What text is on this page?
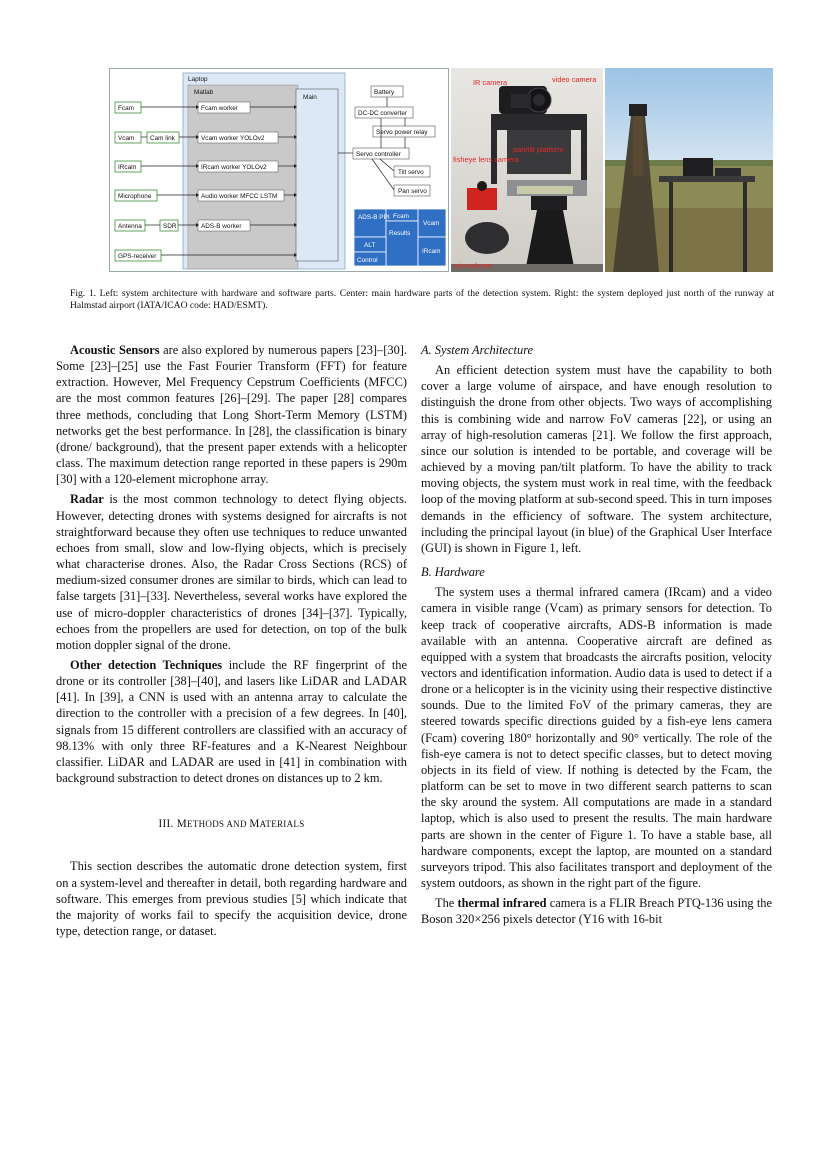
Laptop
Matlab
Main
Fcam
Vcam
IRcam
Microphone
Antenna
GPS-receiver
Cam link
SDR
Fcam worker
Vcam worker YOLOv2
IRcam worker YOLOv2
Audio worker MFCC LSTM
ADS-B worker
Battery
DC-DC converter
Servo power relay
Servo controller
Tilt servo
Pan servo
ADS-B PPI Fcam
Vcam
Results
ALT
Control
IRcam
IR camera	video camera
fisheye lens camera
pan/tilt platform
microphone
Fig. 1. Left: system architecture with hardware and software parts. Center: main hardware parts of the detection system. Right: the system deployed just north of the runway at Halmstad airport (IATA/ICAO code: HAD/ESMT).

Acoustic Sensors are also explored by numerous papers [23]–[30]. Some [23]–[25] use the Fast Fourier Transform (FFT) for feature extraction. However, Mel Frequency Cepstrum Coefficients (MFCC) are the most common features [26]–[29]. The paper [28] compares three methods, concluding that Long Short-Term Memory (LSTM) networks get the best performance. In [28], the classification is binary (drone/ background), that the present paper extends with a helicopter class. The maximum detection range reported in these papers is 290m [30] with a 120-element microphone array.

Radar is the most common technology to detect flying objects. However, detecting drones with systems designed for aircrafts is not straightforward because they often use techniques to reduce unwanted echoes from small, slow and low-flying objects, which is precisely what characterise drones. Also, the Radar Cross Sections (RCS) of medium-sized consumer drones are similar to birds, which can lead to false targets [31]–[33]. Nevertheless, several works have explored the use of micro-doppler characteristics of drones [34]–[37]. Typically, echoes from the propellers are used for detection, on top of the bulk motion doppler signal of the drone.

Other detection Techniques include the RF fingerprint of the drone or its controller [38]–[40], and lasers like LiDAR and LADAR [41]. In [39], a CNN is used with an antenna array to calculate the direction to the controller with a precision of a few degrees. In [40], signals from 15 different controllers are classified with an accuracy of 98.13% with only three RF-features and a K-Nearest Neighbour classifier. LiDAR and LADAR are used in [41] in combination with background substraction to detect drones on distances up to 2 km.

III. METHODS AND MATERIALS

This section describes the automatic drone detection system, first on a system-level and thereafter in detail, both regarding hardware and software. This emerges from previous studies [5] which indicate that the majority of works fail to specify the acquisition device, drone type, detection range, or dataset.

A. System Architecture

An efficient detection system must have the capability to both cover a large volume of airspace, and have enough resolution to distinguish the drone from other objects. Two ways of accomplishing this is combining wide and narrow FoV cameras [22], or using an array of high-resolution cameras [21]. We follow the first approach, since our solution is intended to be portable, and coverage will be achieved by a moving pan/tilt platform. To have the ability to track moving objects, the system must work in real time, with the feedback loop of the moving platform at sub-second speed. This in turn imposes demands in the efficiency of software. The system architecture, including the principal layout (in blue) of the Graphical User Interface (GUI) is shown in Figure 1, left.

B. Hardware

The system uses a thermal infrared camera (IRcam) and a video camera in visible range (Vcam) as primary sensors for detection. To keep track of cooperative aircrafts, ADS-B information is made available with an antenna. Cooperative aircraft are defined as equipped with a system that broadcasts the aircrafts position, velocity vectors and identification information. Audio data is used to detect if a drone or a helicopter is in the vicinity using their respective distinctive sounds. Due to the limited FoV of the primary cameras, they are steered towards specific directions guided by a fish-eye lens camera (Fcam) covering 180° horizontally and 90° vertically. The role of the fish-eye camera is not to detect specific classes, but to detect moving objects in its field of view. If nothing is detected by the Fcam, the platform can be set to move in two different search patterns to scan the sky around the system. All computations are made in a standard laptop, which is also used to present the results. The main hardware parts are shown in the center of Figure 1. To have a stable base, all hardware components, except the laptop, are mounted on a standard surveyors tripod. This also facilitates transport and deployment of the system outdoors, as shown in the right part of the figure.

The thermal infrared camera is a FLIR Breach PTQ-136 using the Boson 320×256 pixels detector (Y16 with 16-bit
